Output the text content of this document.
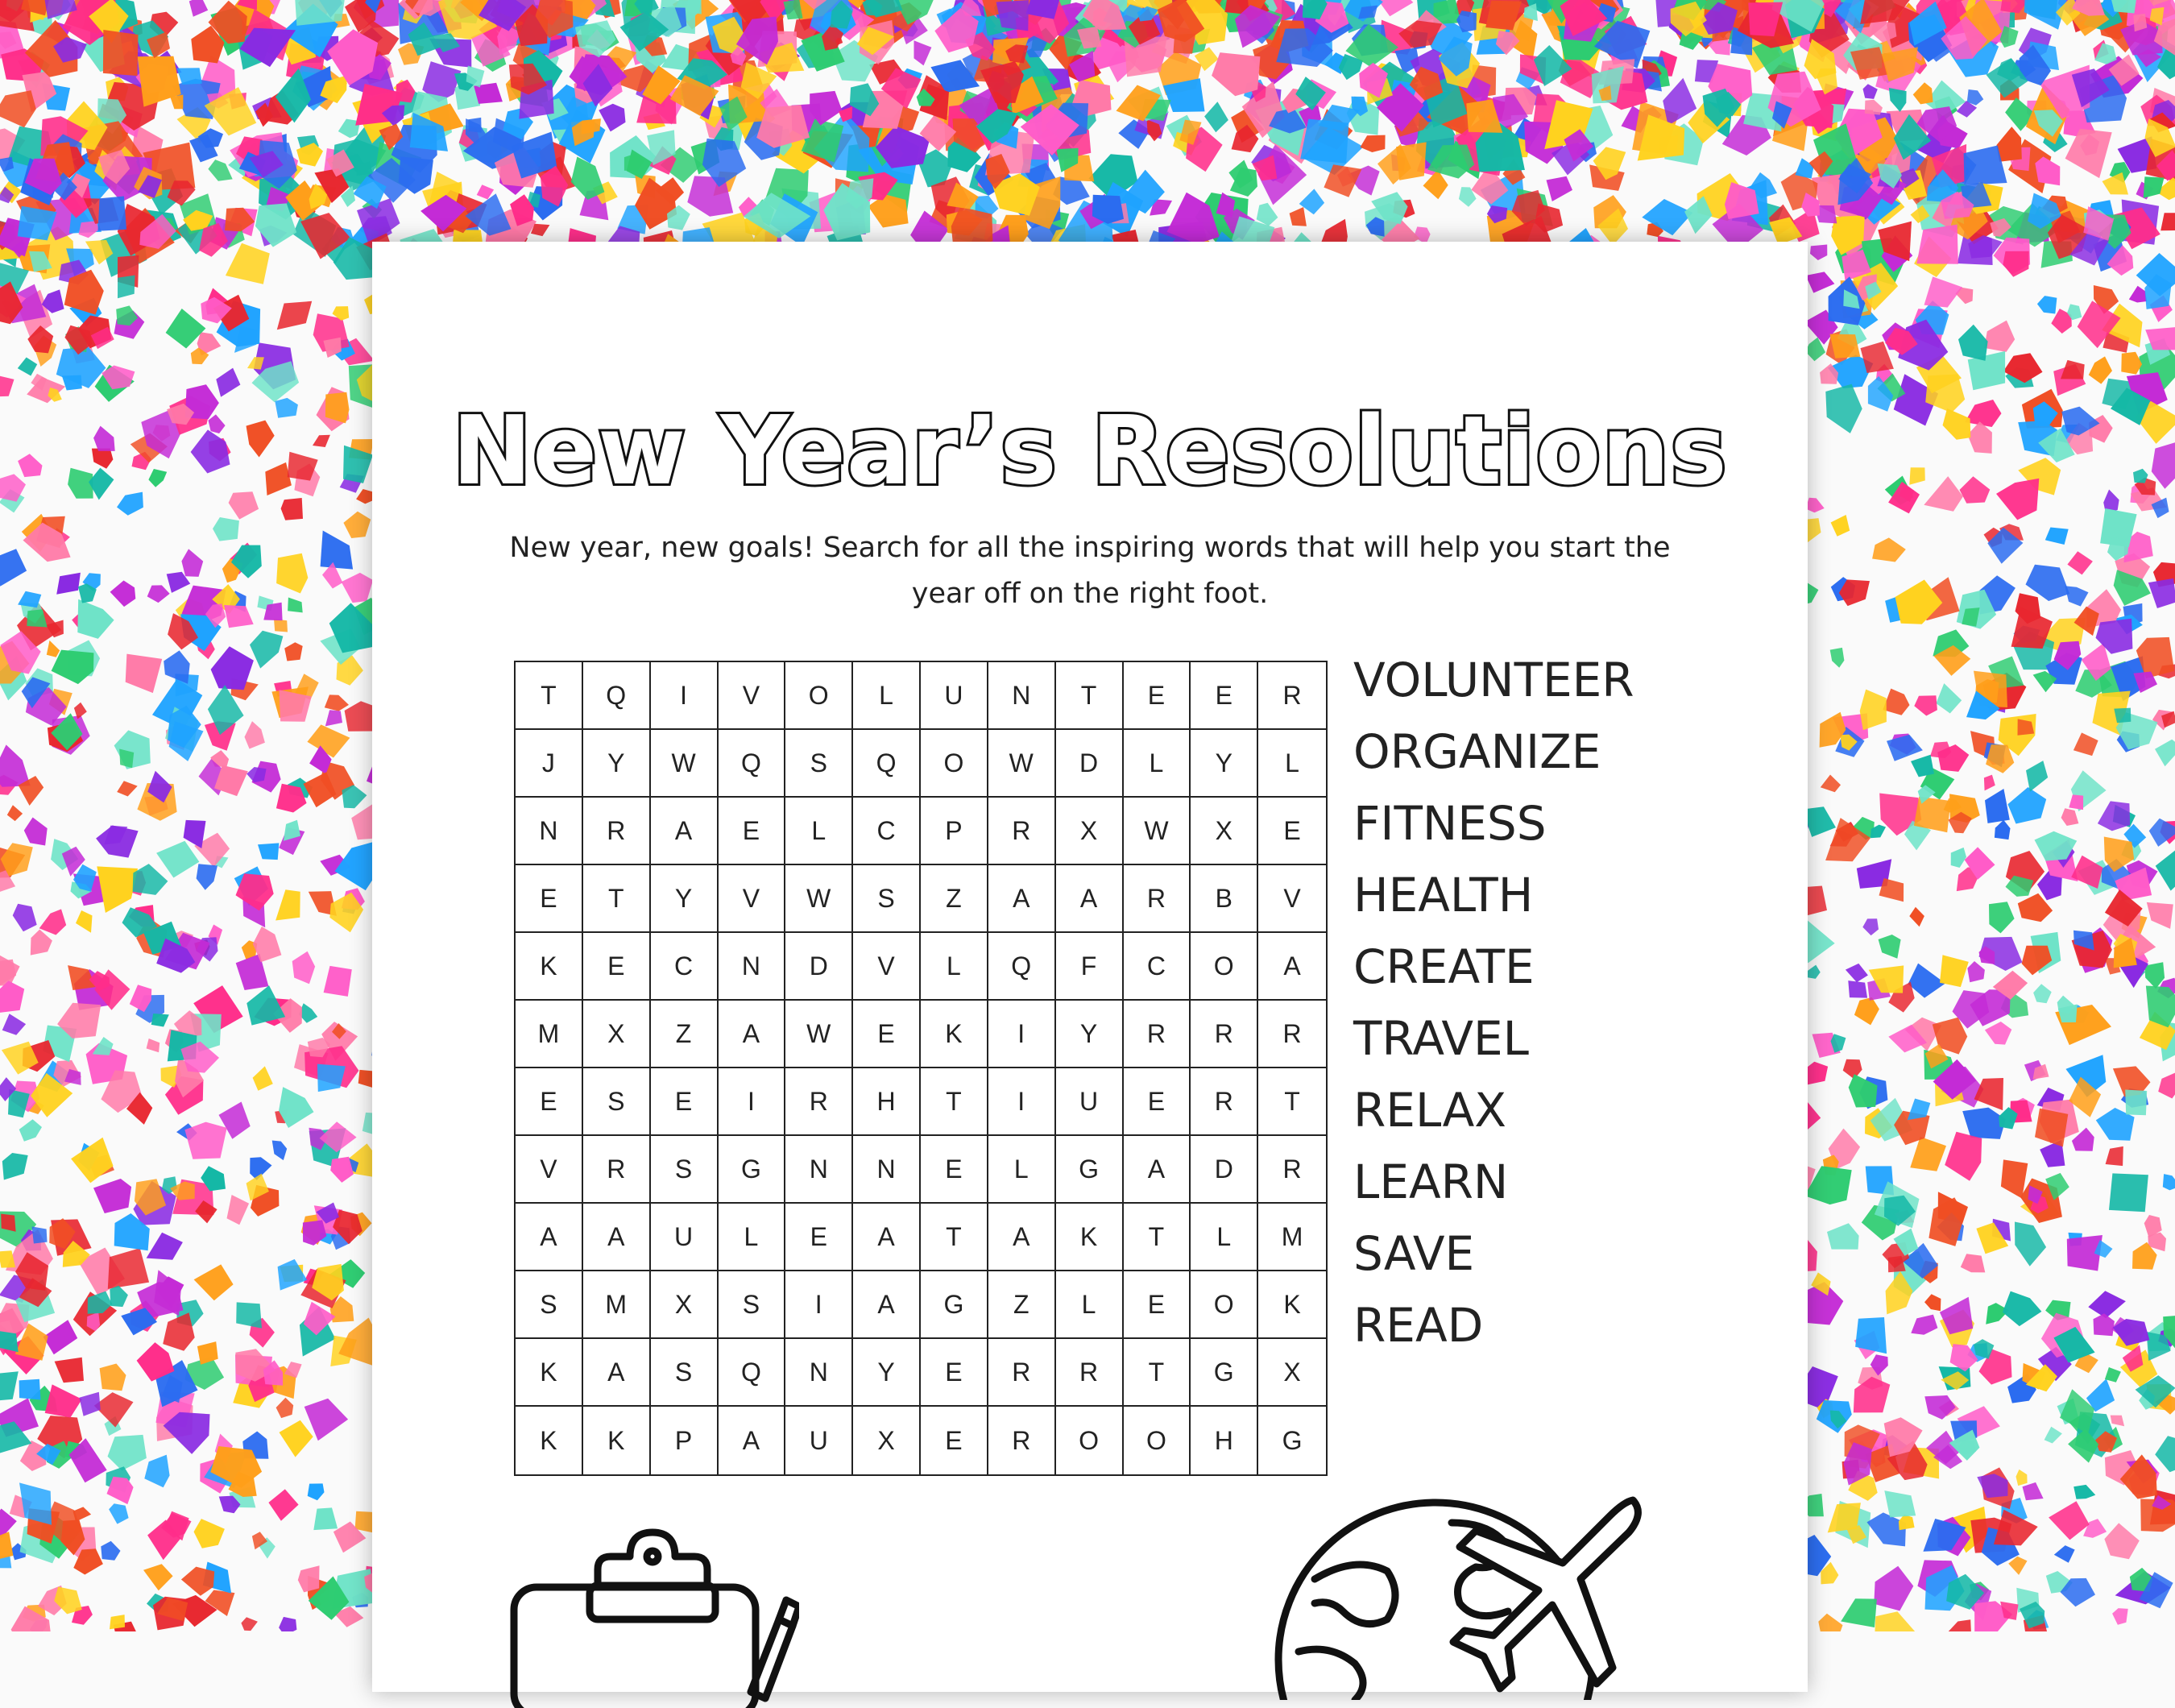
New Year’s Resolutions
New year, new goals! Search for all the inspiring words that will help you start the year off on the right foot.
T	Q	I	V	O	L	U	N	T	E	E	R
J	Y	W	Q	S	Q	O	W	D	L	Y	L
N	R	A	E	L	C	P	R	X	W	X	E
E	T	Y	V	W	S	Z	A	A	R	B	V
K	E	C	N	D	V	L	Q	F	C	O	A
M	X	Z	A	W	E	K	I	Y	R	R	R
E	S	E	I	R	H	T	I	U	E	R	T
V	R	S	G	N	N	E	L	G	A	D	R
A	A	U	L	E	A	T	A	K	T	L	M
S	M	X	S	I	A	G	Z	L	E	O	K
K	A	S	Q	N	Y	E	R	R	T	G	X
K	K	P	A	U	X	E	R	O	O	H	G
VOLUNTEER
ORGANIZE
FITNESS
HEALTH
CREATE
TRAVEL
RELAX
LEARN
SAVE
READ
